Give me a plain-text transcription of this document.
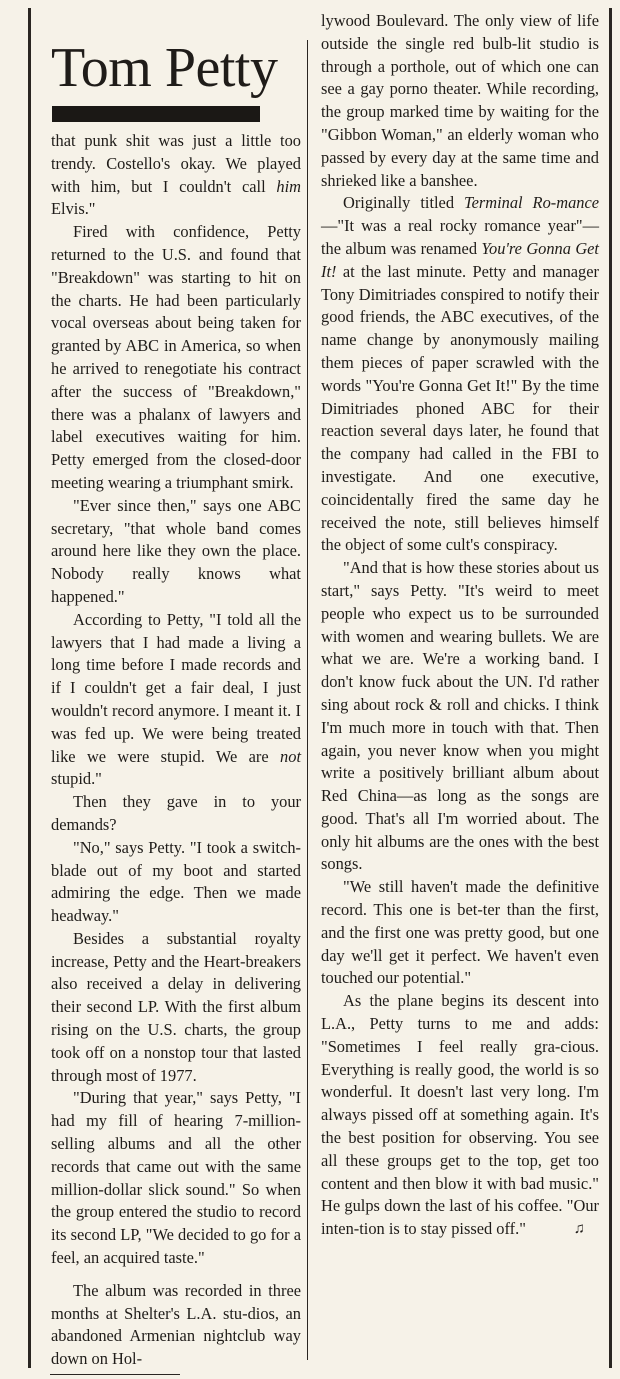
Tom Petty

that punk shit was just a little too trendy. Costello's okay. We played with him, but I couldn't call him Elvis."

Fired with confidence, Petty returned to the U.S. and found that "Breakdown" was starting to hit on the charts. He had been particularly vocal overseas about being taken for granted by ABC in America, so when he arrived to renegotiate his contract after the success of "Breakdown," there was a phalanx of lawyers and label executives waiting for him. Petty emerged from the closed-door meeting wearing a triumphant smirk.

"Ever since then," says one ABC secretary, "that whole band comes around here like they own the place. Nobody really knows what happened."

According to Petty, "I told all the lawyers that I had made a living a long time before I made records and if I couldn't get a fair deal, I just wouldn't record anymore. I meant it. I was fed up. We were being treated like we were stupid. We are not stupid."

Then they gave in to your demands?

"No," says Petty. "I took a switch-blade out of my boot and started admiring the edge. Then we made headway."

Besides a substantial royalty increase, Petty and the Heart-breakers also received a delay in delivering their second LP. With the first album rising on the U.S. charts, the group took off on a nonstop tour that lasted through most of 1977.

"During that year," says Petty, "I had my fill of hearing 7-million-selling albums and all the other records that came out with the same million-dollar slick sound." So when the group entered the studio to record its second LP, "We decided to go for a feel, an acquired taste."

The album was recorded in three months at Shelter's L.A. stu-dios, an abandoned Armenian nightclub way down on Hol-

lywood Boulevard. The only view of life outside the single red bulb-lit studio is through a porthole, out of which one can see a gay porno theater. While recording, the group marked time by waiting for the "Gibbon Woman," an elderly woman who passed by every day at the same time and shrieked like a banshee.

Originally titled Terminal Ro-mance—"It was a real rocky romance year"—the album was renamed You're Gonna Get It! at the last minute. Petty and manager Tony Dimitriades conspired to notify their good friends, the ABC executives, of the name change by anonymously mailing them pieces of paper scrawled with the words "You're Gonna Get It!" By the time Dimitriades phoned ABC for their reaction several days later, he found that the company had called in the FBI to investigate. And one executive, coincidentally fired the same day he received the note, still believes himself the object of some cult's conspiracy.

"And that is how these stories about us start," says Petty. "It's weird to meet people who expect us to be surrounded with women and wearing bullets. We are what we are. We're a working band. I don't know fuck about the UN. I'd rather sing about rock & roll and chicks. I think I'm much more in touch with that. Then again, you never know when you might write a positively brilliant album about Red China—as long as the songs are good. That's all I'm worried about. The only hit albums are the ones with the best songs.

"We still haven't made the definitive record. This one is bet-ter than the first, and the first one was pretty good, but one day we'll get it perfect. We haven't even touched our potential."

As the plane begins its descent into L.A., Petty turns to me and adds: "Sometimes I feel really gra-cious. Everything is really good, the world is so wonderful. It doesn't last very long. I'm always pissed off at something again. It's the best position for observing. You see all these groups get to the top, get too content and then blow it with bad music." He gulps down the last of his coffee. "Our inten-tion is to stay pissed off."	♫
